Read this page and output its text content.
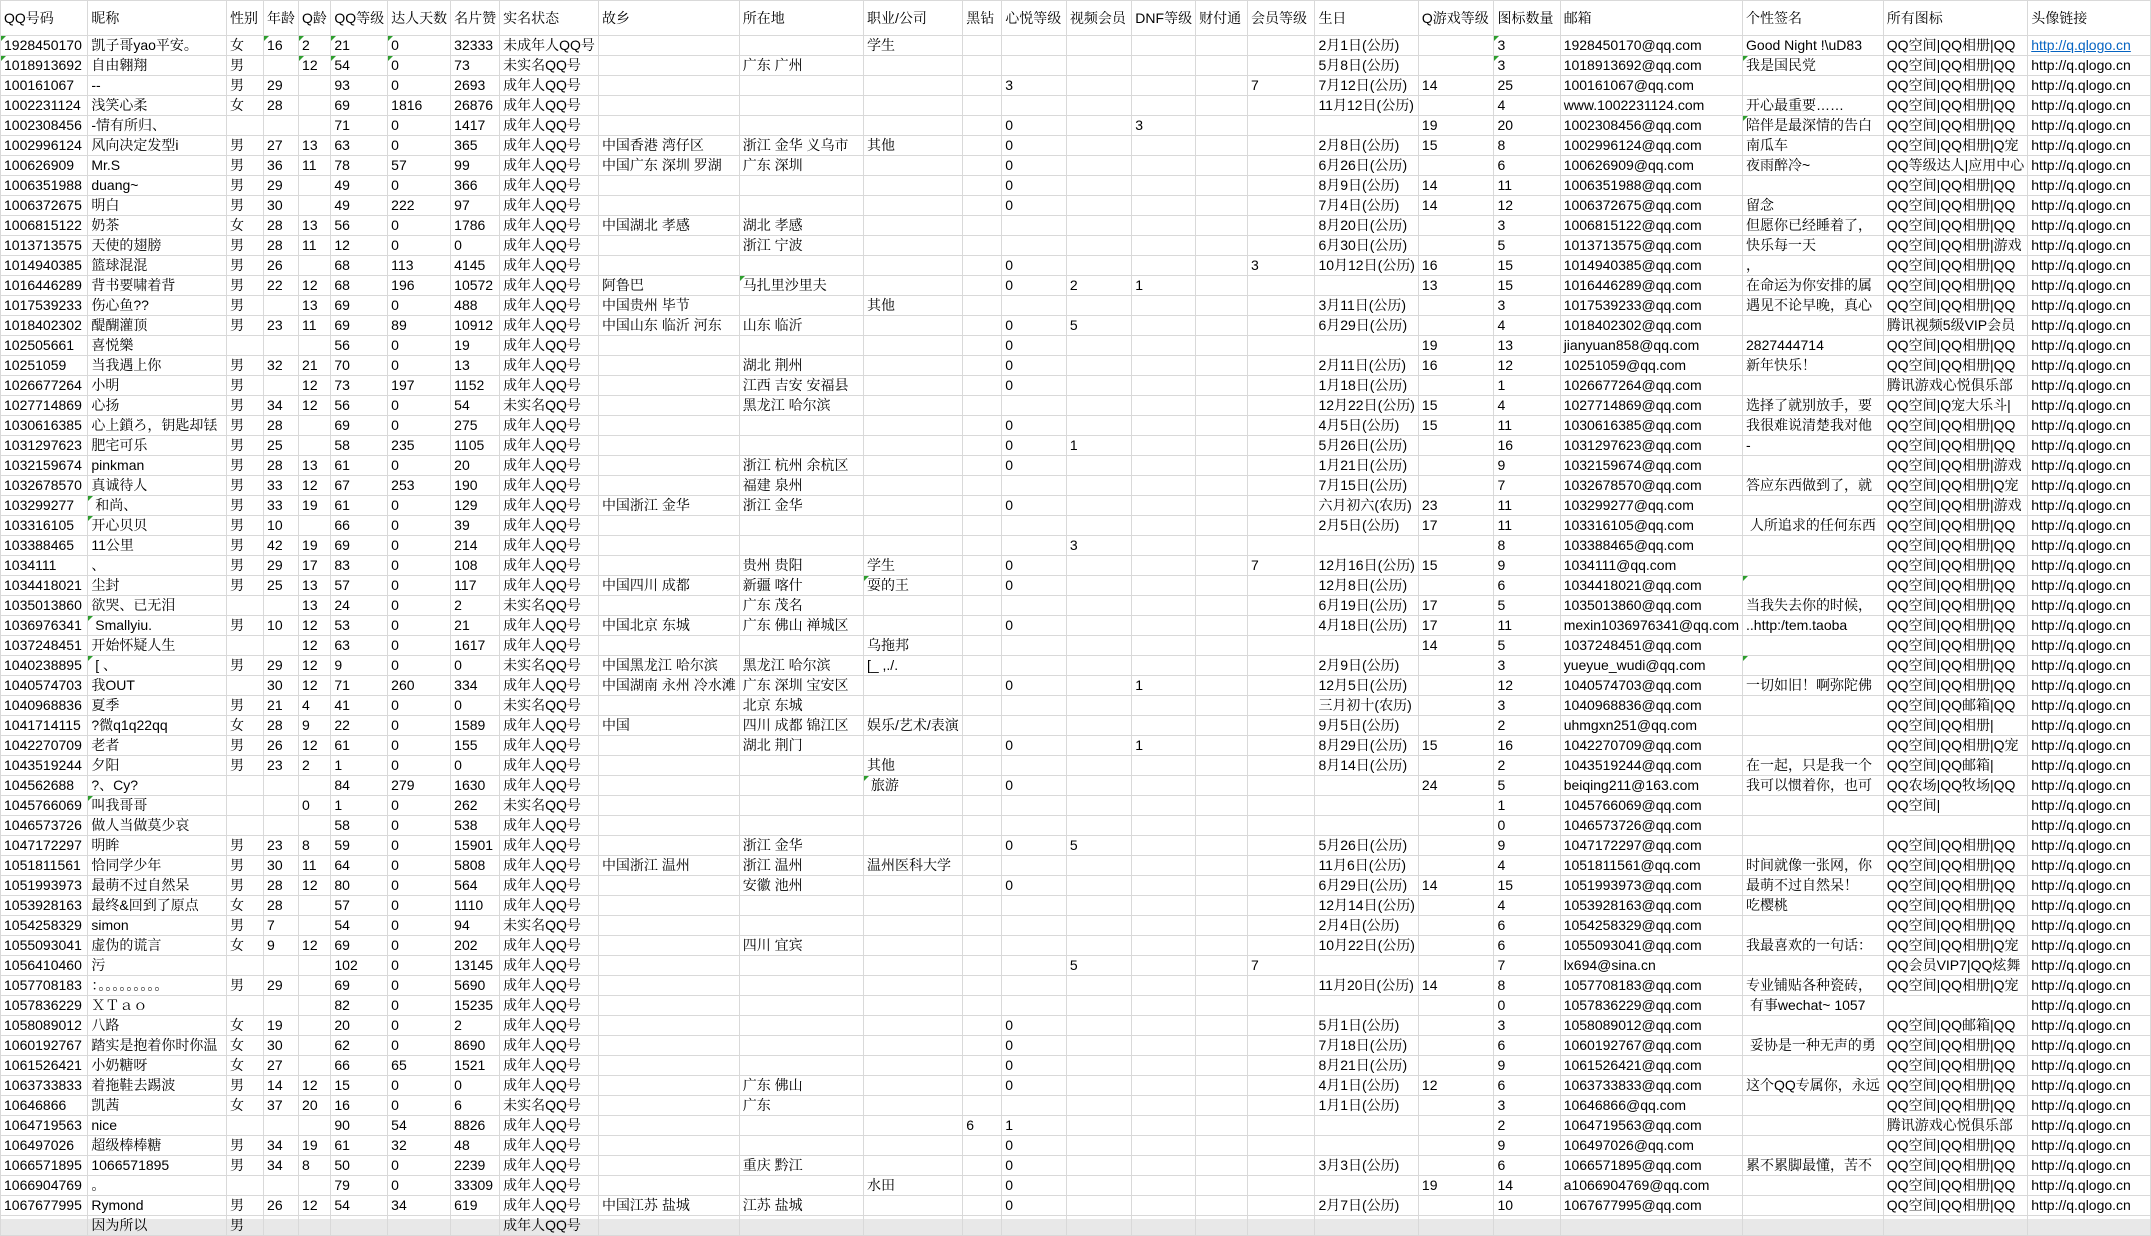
QQ号码	昵称	性别	年龄	Q龄	QQ等级	达人天数	名片赞	实名状态	故乡	所在地	职业/公司	黑钻	心悦等级	视频会员	DNF等级	财付通	会员等级	生日	Q游戏等级	图标数量	邮箱	个性签名	所有图标	头像链接
1928450170	凯子哥yao平安。	女	16	2	21	0	32333	未成年人QQ号			学生							2月1日(公历)		3	1928450170@qq.com	Good Night !\uD83	QQ空间|QQ相册|QQ	http://q.qlogo.cn
1018913692	自由翱翔	男		12	54	0	73	未实名QQ号		广东 广州								5月8日(公历)		3	1018913692@qq.com	我是国民党	QQ空间|QQ相册|QQ	http://q.qlogo.cn
100161067	--	男	29		93	0	2693	成年人QQ号					3				7	7月12日(公历)	14	25	100161067@qq.com		QQ空间|QQ相册|QQ	http://q.qlogo.cn
1002231124	浅笑心柔	女	28		69	1816	26876	成年人QQ号										11月12日(公历)		4	www.1002231124.com	开心最重要……	QQ空间|QQ相册|QQ	http://q.qlogo.cn
1002308456	-情有所归、				71	0	1417	成年人QQ号					0		3				19	20	1002308456@qq.com	陪伴是最深情的告白	QQ空间|QQ相册|QQ	http://q.qlogo.cn
1002996124	风向决定发型i	男	27	13	63	0	365	成年人QQ号	中国香港 湾仔区	浙江 金华 义乌市	其他		0					2月8日(公历)	15	8	1002996124@qq.com	南瓜车	QQ空间|QQ相册|Q宠	http://q.qlogo.cn
100626909	Mr.S	男	36	11	78	57	99	成年人QQ号	中国广东 深圳 罗湖	广东 深圳			0					6月26日(公历)		6	100626909@qq.com	夜雨醉冷~	QQ等级达人|应用中心	http://q.qlogo.cn
1006351988	duang~	男	29		49	0	366	成年人QQ号					0					8月9日(公历)	14	11	1006351988@qq.com		QQ空间|QQ相册|QQ	http://q.qlogo.cn
1006372675	明白	男	30		49	222	97	成年人QQ号					0					7月4日(公历)	14	12	1006372675@qq.com	留念	QQ空间|QQ相册|QQ	http://q.qlogo.cn
1006815122	奶茶	女	28	13	56	0	1786	成年人QQ号	中国湖北 孝感	湖北 孝感								8月20日(公历)		3	1006815122@qq.com	但愿你已经睡着了，	QQ空间|QQ相册|QQ	http://q.qlogo.cn
1013713575	天使的翅膀	男	28	11	12	0	0	成年人QQ号		浙江 宁波								6月30日(公历)		5	1013713575@qq.com	快乐每一天	QQ空间|QQ相册|游戏	http://q.qlogo.cn
1014940385	篮球混混	男	26		68	113	4145	成年人QQ号					0				3	10月12日(公历)	16	15	1014940385@qq.com	，	QQ空间|QQ相册|QQ	http://q.qlogo.cn
1016446289	背书要啸着背	男	22	12	68	196	10572	成年人QQ号	阿鲁巴	马扎里沙里夫			0	2	1				13	15	1016446289@qq.com	在命运为你安排的属	QQ空间|QQ相册|QQ	http://q.qlogo.cn
1017539233	伤心鱼??	男		13	69	0	488	成年人QQ号	中国贵州 毕节		其他							3月11日(公历)		3	1017539233@qq.com	遇见不论早晚，真心	QQ空间|QQ相册|QQ	http://q.qlogo.cn
1018402302	醍醐灌顶	男	23	11	69	89	10912	成年人QQ号	中国山东 临沂 河东	山东 临沂			0	5				6月29日(公历)		4	1018402302@qq.com		腾讯视频5级VIP会员	http://q.qlogo.cn
102505661	喜悦樂				56	0	19	成年人QQ号					0						19	13	jianyuan858@qq.com	2827444714	QQ空间|QQ相册|QQ	http://q.qlogo.cn
10251059	当我遇上你	男	32	21	70	0	13	成年人QQ号		湖北 荆州			0					2月11日(公历)	16	12	10251059@qq.com	新年快乐！	QQ空间|QQ相册|QQ	http://q.qlogo.cn
1026677264	小明	男		12	73	197	1152	成年人QQ号		江西 吉安 安福县			0					1月18日(公历)		1	1026677264@qq.com		腾讯游戏心悦俱乐部	http://q.qlogo.cn
1027714869	心扬	男	34	12	56	0	54	未实名QQ号		黑龙江 哈尔滨								12月22日(公历)	15	4	1027714869@qq.com	选择了就别放手，要	QQ空间|Q宠大乐斗|	http://q.qlogo.cn
1030616385	心上鎖ろ，钥匙却铥	男	28		69	0	275	成年人QQ号					0					4月5日(公历)	15	11	1030616385@qq.com	我很难说清楚我对他	QQ空间|QQ相册|QQ	http://q.qlogo.cn
1031297623	肥宅可乐	男	25		58	235	1105	成年人QQ号					0	1				5月26日(公历)		16	1031297623@qq.com	-	QQ空间|QQ相册|QQ	http://q.qlogo.cn
1032159674	pinkman	男	28	13	61	0	20	成年人QQ号		浙江 杭州 余杭区			0					1月21日(公历)		9	1032159674@qq.com		QQ空间|QQ相册|游戏	http://q.qlogo.cn
1032678570	真诚待人	男	33	12	67	253	190	成年人QQ号		福建 泉州								7月15日(公历)		7	1032678570@qq.com	答应东西做到了，就	QQ空间|QQ相册|Q宠	http://q.qlogo.cn
103299277	和尚、	男	33	19	61	0	129	成年人QQ号	中国浙江 金华	浙江 金华			0					六月初六(农历)	23	11	103299277@qq.com		QQ空间|QQ相册|游戏	http://q.qlogo.cn
103316105	开心贝贝	男	10		66	0	39	成年人QQ号										2月5日(公历)	17	11	103316105@qq.com	人所追求的任何东西	QQ空间|QQ相册|QQ	http://q.qlogo.cn
103388465	11公里	男	42	19	69	0	214	成年人QQ号						3						8	103388465@qq.com		QQ空间|QQ相册|QQ	http://q.qlogo.cn
1034111	、	男	29	17	83	0	108	成年人QQ号		贵州 贵阳	学生		0				7	12月16日(公历)	15	9	1034111@qq.com		QQ空间|QQ相册|QQ	http://q.qlogo.cn
1034418021	尘封	男	25	13	57	0	117	成年人QQ号	中国四川 成都	新疆 喀什	耍的王		0					12月8日(公历)		6	1034418021@qq.com		QQ空间|QQ相册|QQ	http://q.qlogo.cn
1035013860	欲哭、已无泪			13	24	0	2	未实名QQ号		广东 茂名								6月19日(公历)	17	5	1035013860@qq.com	当我失去你的时候，	QQ空间|QQ相册|QQ	http://q.qlogo.cn
1036976341	Smallyiu.	男	10	12	53	0	21	成年人QQ号	中国北京 东城	广东 佛山 禅城区			0					4月18日(公历)	17	11	mexin1036976341@qq.com	..http:/tem.taoba	QQ空间|QQ相册|QQ	http://q.qlogo.cn
1037248451	开始怀疑人生			12	63	0	1617	成年人QQ号			乌拖邦								14	5	1037248451@qq.com		QQ空间|QQ相册|QQ	http://q.qlogo.cn
1040238895	[ 、	男	29	12	9	0	0	未实名QQ号	中国黑龙江 哈尔滨	黑龙江 哈尔滨	[_ ,./.							2月9日(公历)		3	yueyue_wudi@qq.com		QQ空间|QQ相册|QQ	http://q.qlogo.cn
1040574703	我OUT		30	12	71	260	334	成年人QQ号	中国湖南 永州 冷水滩	广东 深圳 宝安区			0		1			12月5日(公历)		12	1040574703@qq.com	一切如旧！啊弥陀佛	QQ空间|QQ相册|QQ	http://q.qlogo.cn
1040968836	夏季	男	21	4	41	0	0	未实名QQ号		北京 东城								三月初十(农历)		3	1040968836@qq.com		QQ空间|QQ邮箱|QQ	http://q.qlogo.cn
1041714115	?微q1q22qq	女	28	9	22	0	1589	成年人QQ号	中国	四川 成都 锦江区	娱乐/艺术/表演							9月5日(公历)		2	uhmgxn251@qq.com		QQ空间|QQ相册|	http://q.qlogo.cn
1042270709	老者	男	26	12	61	0	155	成年人QQ号		湖北 荆门			0		1			8月29日(公历)	15	16	1042270709@qq.com		QQ空间|QQ相册|Q宠	http://q.qlogo.cn
1043519244	夕阳	男	23	2	1	0	0	成年人QQ号			其他							8月14日(公历)		2	1043519244@qq.com	在一起，只是我一个	QQ空间|QQ邮箱|	http://q.qlogo.cn
104562688	?、Cy?				84	279	1630	成年人QQ号			旅游		0						24	5	beiqing211@163.com	我可以惯着你，也可	QQ农场|QQ牧场|QQ	http://q.qlogo.cn
1045766069	叫我哥哥			0	1	0	262	未实名QQ号												1	1045766069@qq.com		QQ空间|	http://q.qlogo.cn
1046573726	做人当做莫少哀				58	0	538	成年人QQ号												0	1046573726@qq.com			http://q.qlogo.cn
1047172297	明眸	男	23	8	59	0	15901	成年人QQ号		浙江 金华			0	5				5月26日(公历)		9	1047172297@qq.com		QQ空间|QQ相册|QQ	http://q.qlogo.cn
1051811561	恰同学少年	男	30	11	64	0	5808	成年人QQ号	中国浙江 温州	浙江 温州	温州医科大学							11月6日(公历)		4	1051811561@qq.com	时间就像一张网，你	QQ空间|QQ相册|QQ	http://q.qlogo.cn
1051993973	最萌不过自然呆	男	28	12	80	0	564	成年人QQ号		安徽 池州			0					6月29日(公历)	14	15	1051993973@qq.com	最萌不过自然呆！	QQ空间|QQ相册|QQ	http://q.qlogo.cn
1053928163	最终&回到了原点	女	28		57	0	1110	成年人QQ号										12月14日(公历)		4	1053928163@qq.com	吃樱桃	QQ空间|QQ相册|QQ	http://q.qlogo.cn
1054258329	simon	男	7		54	0	94	未实名QQ号										2月4日(公历)		6	1054258329@qq.com		QQ空间|QQ相册|QQ	http://q.qlogo.cn
1055093041	虚伪的谎言	女	9	12	69	0	202	成年人QQ号		四川 宜宾								10月22日(公历)		6	1055093041@qq.com	我最喜欢的一句话：	QQ空间|QQ相册|Q宠	http://q.qlogo.cn
1056410460	污				102	0	13145	成年人QQ号						5			7			7	lx694@sina.cn		QQ会员VIP7|QQ炫舞	http://q.qlogo.cn
1057708183	：。。。。。。。。。	男	29		69	0	5690	成年人QQ号										11月20日(公历)	14	8	1057708183@qq.com	专业铺贴各种瓷砖，	QQ空间|QQ相册|Q宠	http://q.qlogo.cn
1057836229	ＸＴａｏ				82	0	15235	成年人QQ号												0	1057836229@qq.com	有事wechat~ 1057		http://q.qlogo.cn
1058089012	八路	女	19		20	0	2	成年人QQ号					0					5月1日(公历)		3	1058089012@qq.com		QQ空间|QQ邮箱|QQ	http://q.qlogo.cn
1060192767	踏实是抱着你时你温	女	30		62	0	8690	成年人QQ号					0					7月18日(公历)		6	1060192767@qq.com	妥协是一种无声的勇	QQ空间|QQ相册|QQ	http://q.qlogo.cn
1061526421	小奶糖呀	女	27		66	65	1521	成年人QQ号					0					8月21日(公历)		9	1061526421@qq.com		QQ空间|QQ相册|QQ	http://q.qlogo.cn
1063733833	着拖鞋去踢波	男	14	12	15	0	0	成年人QQ号		广东 佛山			0					4月1日(公历)	12	6	1063733833@qq.com	这个QQ专属你，永远	QQ空间|QQ相册|QQ	http://q.qlogo.cn
10646866	凯茜	女	37	20	16	0	6	未实名QQ号		广东								1月1日(公历)		3	10646866@qq.com		QQ空间|QQ相册|QQ	http://q.qlogo.cn
1064719563	nice				90	54	8826	成年人QQ号				6	1							2	1064719563@qq.com		腾讯游戏心悦俱乐部	http://q.qlogo.cn
106497026	超级棒棒糖	男	34	19	61	32	48	成年人QQ号					0							9	106497026@qq.com		QQ空间|QQ相册|QQ	http://q.qlogo.cn
1066571895	1066571895	男	34	8	50	0	2239	成年人QQ号		重庆 黔江			0					3月3日(公历)		6	1066571895@qq.com	累不累脚最懂，苦不	QQ空间|QQ相册|QQ	http://q.qlogo.cn
1066904769	。				79	0	33309	成年人QQ号			水田		0						19	14	a1066904769@qq.com		QQ空间|QQ相册|QQ	http://q.qlogo.cn
1067677995	Rymond	男	26	12	54	34	619	成年人QQ号	中国江苏 盐城	江苏 盐城			0					2月7日(公历)		10	1067677995@qq.com		QQ空间|QQ相册|QQ	http://q.qlogo.cn
	因为所以	男						成年人QQ号																
